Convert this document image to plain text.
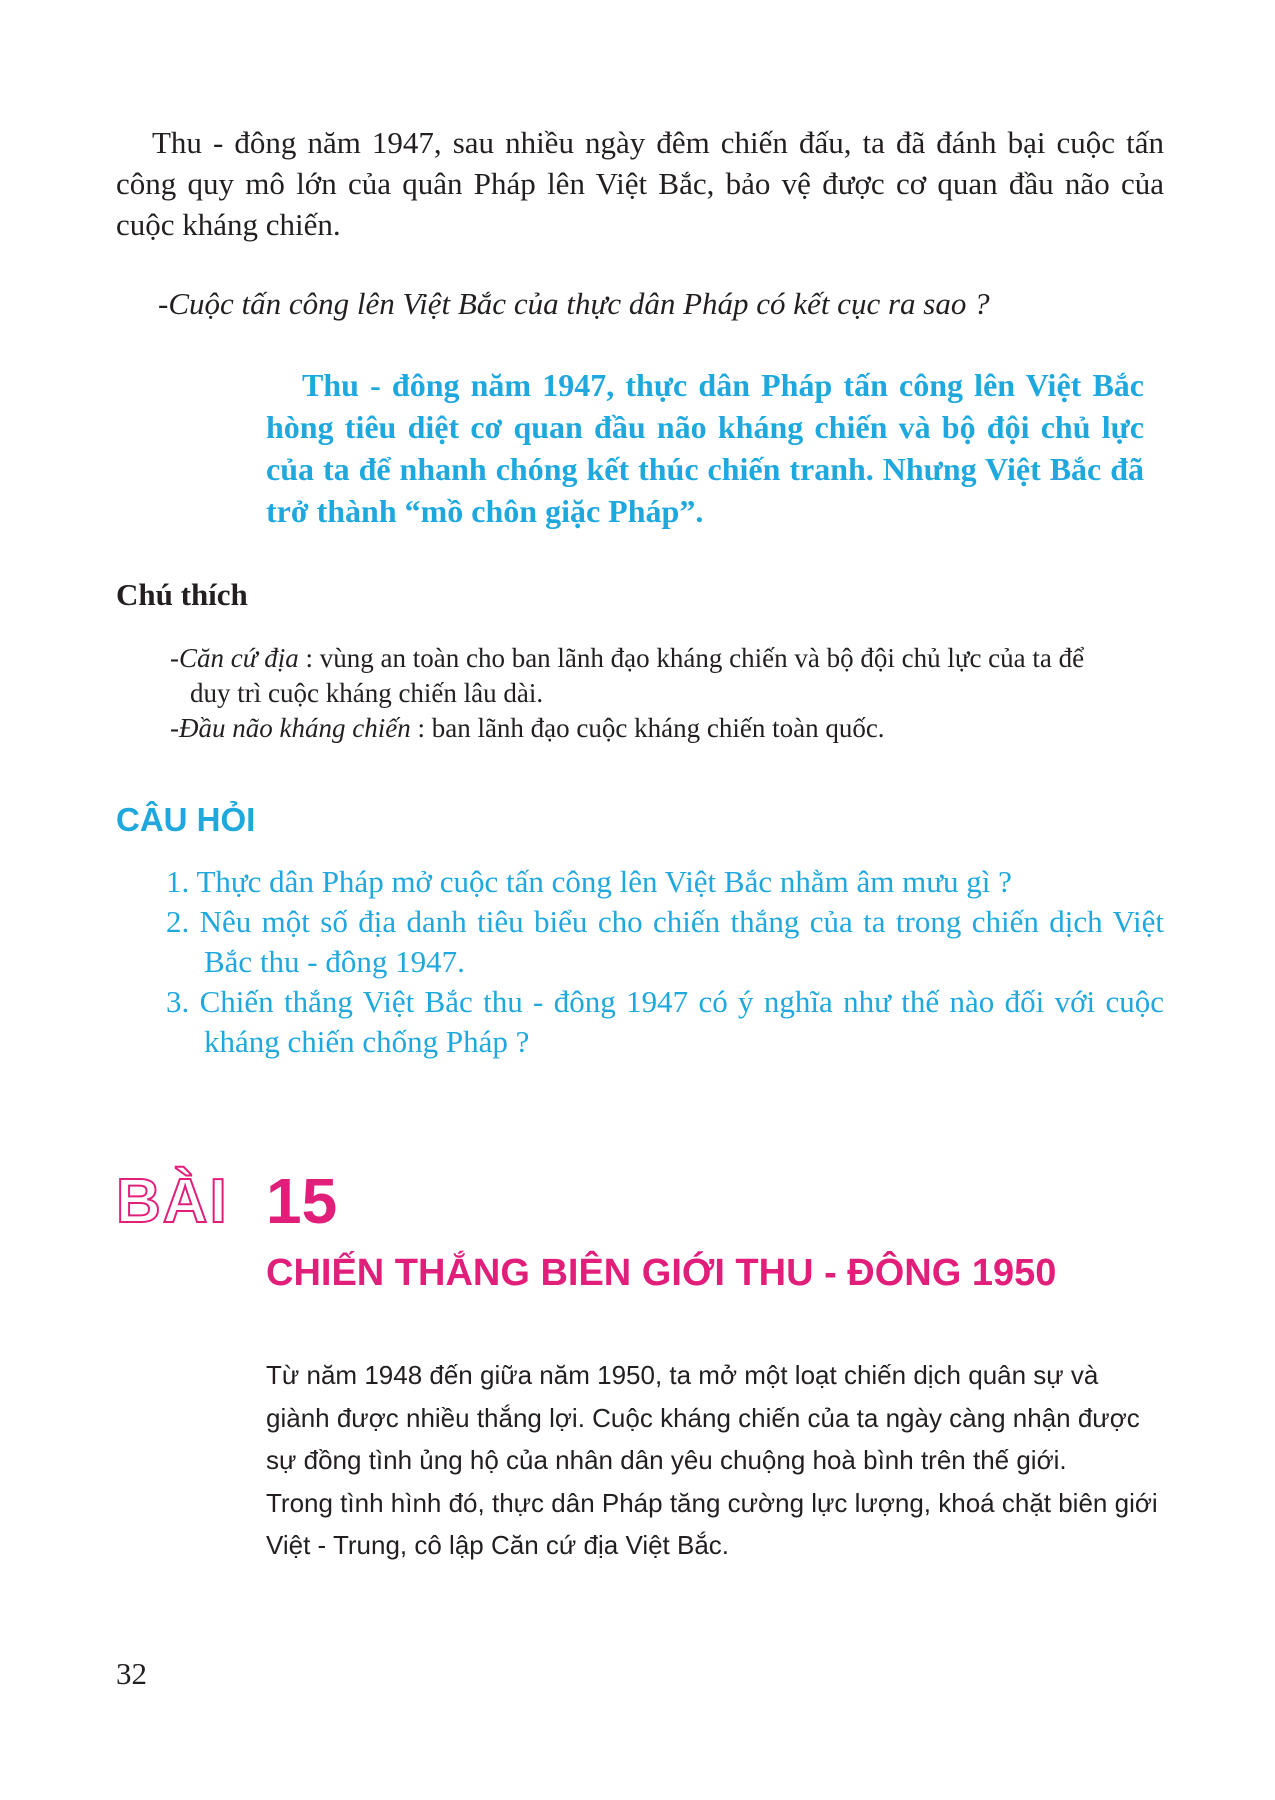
Thu - đông năm 1947, sau nhiều ngày đêm chiến đấu, ta đã đánh bại cuộc tấn công quy mô lớn của quân Pháp lên Việt Bắc, bảo vệ được cơ quan đầu não của cuộc kháng chiến.
-Cuộc tấn công lên Việt Bắc của thực dân Pháp có kết cục ra sao ?
Thu - đông năm 1947, thực dân Pháp tấn công lên Việt Bắc hòng tiêu diệt cơ quan đầu não kháng chiến và bộ đội chủ lực của ta để nhanh chóng kết thúc chiến tranh. Nhưng Việt Bắc đã trở thành “mồ chôn giặc Pháp”.
Chú thích
-Căn cứ địa : vùng an toàn cho ban lãnh đạo kháng chiến và bộ đội chủ lực của ta để
duy trì cuộc kháng chiến lâu dài.
-Đầu não kháng chiến : ban lãnh đạo cuộc kháng chiến toàn quốc.
CÂU HỎI
1. Thực dân Pháp mở cuộc tấn công lên Việt Bắc nhằm âm mưu gì ?
2. Nêu một số địa danh tiêu biểu cho chiến thắng của ta trong chiến dịch Việt Bắc thu - đông 1947.
3. Chiến thắng Việt Bắc thu - đông 1947 có ý nghĩa như thế nào đối với cuộc kháng chiến chống Pháp ?
BÀI 15
CHIẾN THẮNG BIÊN GIỚI THU - ĐÔNG 1950
Từ năm 1948 đến giữa năm 1950, ta mở một loạt chiến dịch quân sự và
giành được nhiều thắng lợi. Cuộc kháng chiến của ta ngày càng nhận được
sự đồng tình ủng hộ của nhân dân yêu chuộng hoà bình trên thế giới.
Trong tình hình đó, thực dân Pháp tăng cường lực lượng, khoá chặt biên giới
Việt - Trung, cô lập Căn cứ địa Việt Bắc.
32
